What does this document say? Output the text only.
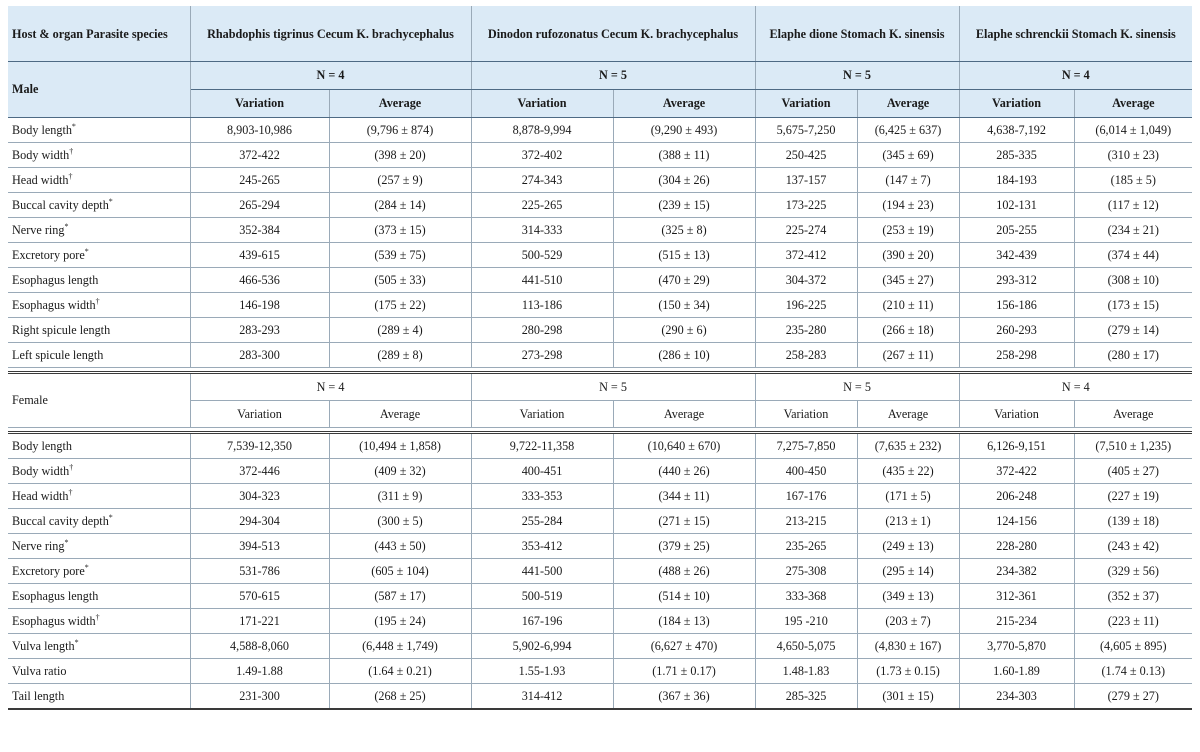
Host & organ Parasite species	Rhabdophis tigrinus Cecum K. brachycephalus		Dinodon rufozonatus Cecum K. brachycephalus		Elaphe dione Stomach K. sinensis		Elaphe schrenckii Stomach K. sinensis	
Male	N = 4		N = 5		N = 5		N = 4	
	Variation	Average	Variation	Average	Variation	Average	Variation	Average
Body length*	8,903-10,986	(9,796 ± 874)	8,878-9,994	(9,290 ± 493)	5,675-7,250	(6,425 ± 637)	4,638-7,192	(6,014 ± 1,049)
Body width†	372-422	(398 ± 20)	372-402	(388 ± 11)	250-425	(345 ± 69)	285-335	(310 ± 23)
Head width†	245-265	(257 ± 9)	274-343	(304 ± 26)	137-157	(147 ± 7)	184-193	(185 ± 5)
Buccal cavity depth*	265-294	(284 ± 14)	225-265	(239 ± 15)	173-225	(194 ± 23)	102-131	(117 ± 12)
Nerve ring*	352-384	(373 ± 15)	314-333	(325 ± 8)	225-274	(253 ± 19)	205-255	(234 ± 21)
Excretory pore*	439-615	(539 ± 75)	500-529	(515 ± 13)	372-412	(390 ± 20)	342-439	(374 ± 44)
Esophagus length	466-536	(505 ± 33)	441-510	(470 ± 29)	304-372	(345 ± 27)	293-312	(308 ± 10)
Esophagus width†	146-198	(175 ± 22)	113-186	(150 ± 34)	196-225	(210 ± 11)	156-186	(173 ± 15)
Right spicule length	283-293	(289 ± 4)	280-298	(290 ± 6)	235-280	(266 ± 18)	260-293	(279 ± 14)
Left spicule length	283-300	(289 ± 8)	273-298	(286 ± 10)	258-283	(267 ± 11)	258-298	(280 ± 17)

Female	N = 4		N = 5		N = 5		N = 4	
	Variation	Average	Variation	Average	Variation	Average	Variation	Average

Body length	7,539-12,350	(10,494 ± 1,858)	9,722-11,358	(10,640 ± 670)	7,275-7,850	(7,635 ± 232)	6,126-9,151	(7,510 ± 1,235)
Body width†	372-446	(409 ± 32)	400-451	(440 ± 26)	400-450	(435 ± 22)	372-422	(405 ± 27)
Head width†	304-323	(311 ± 9)	333-353	(344 ± 11)	167-176	(171 ± 5)	206-248	(227 ± 19)
Buccal cavity depth*	294-304	(300 ± 5)	255-284	(271 ± 15)	213-215	(213 ± 1)	124-156	(139 ± 18)
Nerve ring*	394-513	(443 ± 50)	353-412	(379 ± 25)	235-265	(249 ± 13)	228-280	(243 ± 42)
Excretory pore*	531-786	(605 ± 104)	441-500	(488 ± 26)	275-308	(295 ± 14)	234-382	(329 ± 56)
Esophagus length	570-615	(587 ± 17)	500-519	(514 ± 10)	333-368	(349 ± 13)	312-361	(352 ± 37)
Esophagus width†	171-221	(195 ± 24)	167-196	(184 ± 13)	195 -210	(203 ± 7)	215-234	(223 ± 11)
Vulva length*	4,588-8,060	(6,448 ± 1,749)	5,902-6,994	(6,627 ± 470)	4,650-5,075	(4,830 ± 167)	3,770-5,870	(4,605 ± 895)
Vulva ratio	1.49-1.88	(1.64 ± 0.21)	1.55-1.93	(1.71 ± 0.17)	1.48-1.83	(1.73 ± 0.15)	1.60-1.89	(1.74 ± 0.13)
Tail length	231-300	(268 ± 25)	314-412	(367 ± 36)	285-325	(301 ± 15)	234-303	(279 ± 27)
